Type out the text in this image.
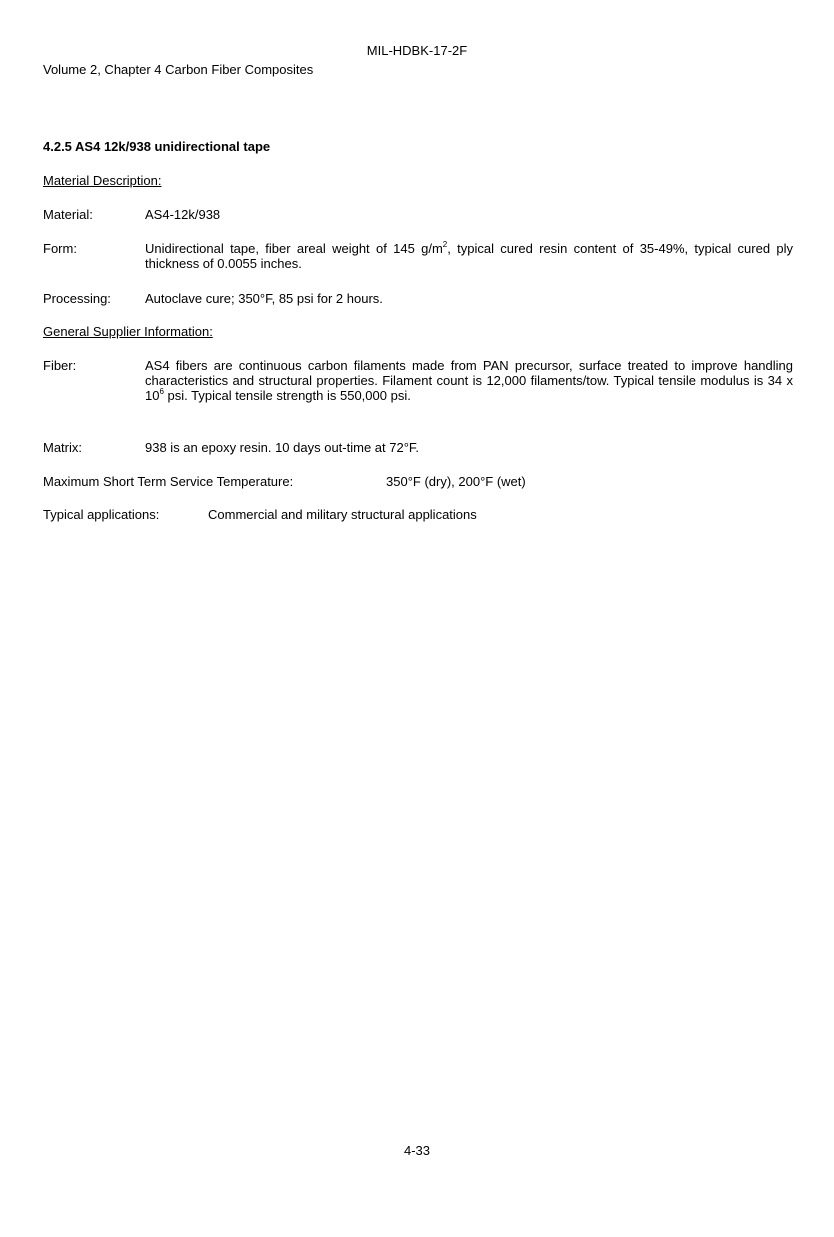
MIL-HDBK-17-2F
Volume 2, Chapter 4 Carbon Fiber Composites
4.2.5 AS4 12k/938 unidirectional tape
Material Description:
Material:	AS4-12k/938
Form:	Unidirectional tape, fiber areal weight of 145 $g/m^2$, typical cured resin content of 35-49%, typical cured ply thickness of 0.0055 inches.
Processing:	Autoclave cure; 350°F, 85 psi for 2 hours.
General Supplier Information:
Fiber:	AS4 fibers are continuous carbon filaments made from PAN precursor, surface treated to improve handling characteristics and structural properties. Filament count is 12,000 filaments/tow. Typical tensile modulus is 34 x $10^6$ psi. Typical tensile strength is 550,000 psi.
Matrix:	938 is an epoxy resin. 10 days out-time at 72°F.
Maximum Short Term Service Temperature:	350°F (dry), 200°F (wet)
Typical applications:	Commercial and military structural applications
4-33
